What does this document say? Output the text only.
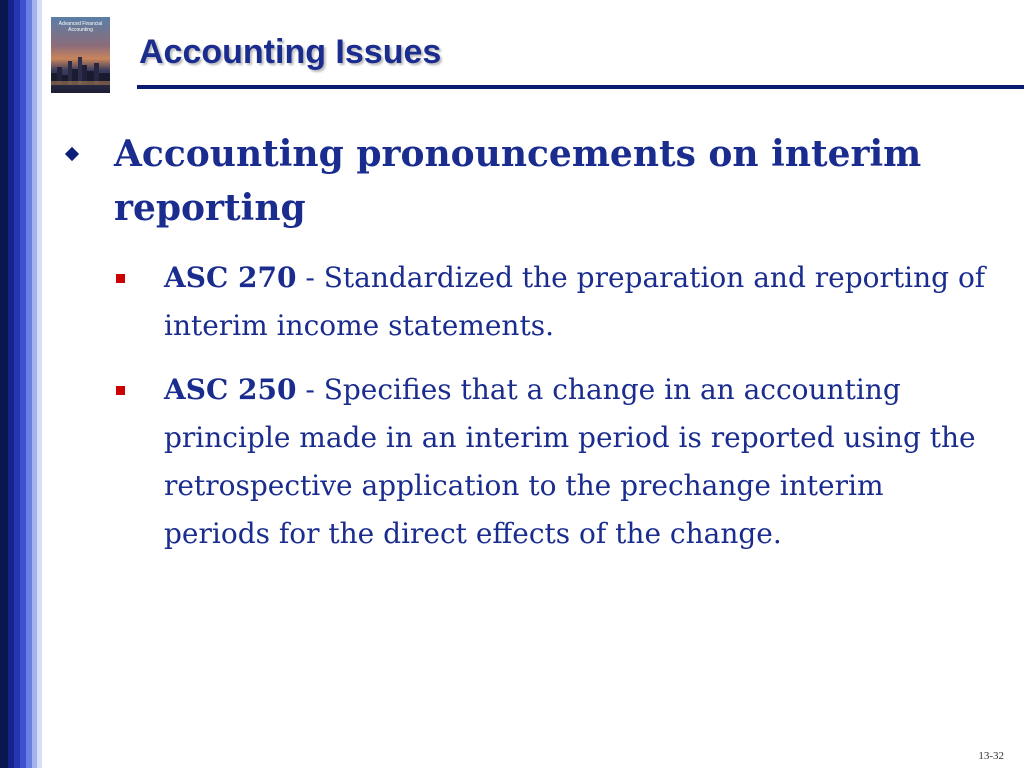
Advanced Financial
Accounting

Accounting Issues

Accounting pronouncements on interim reporting

ASC 270 - Standardized the preparation and reporting of interim income statements.

ASC 250 - Specifies that a change in an accounting principle made in an interim period is reported using the retrospective application to the prechange interim periods for the direct effects of the change.

13-32
